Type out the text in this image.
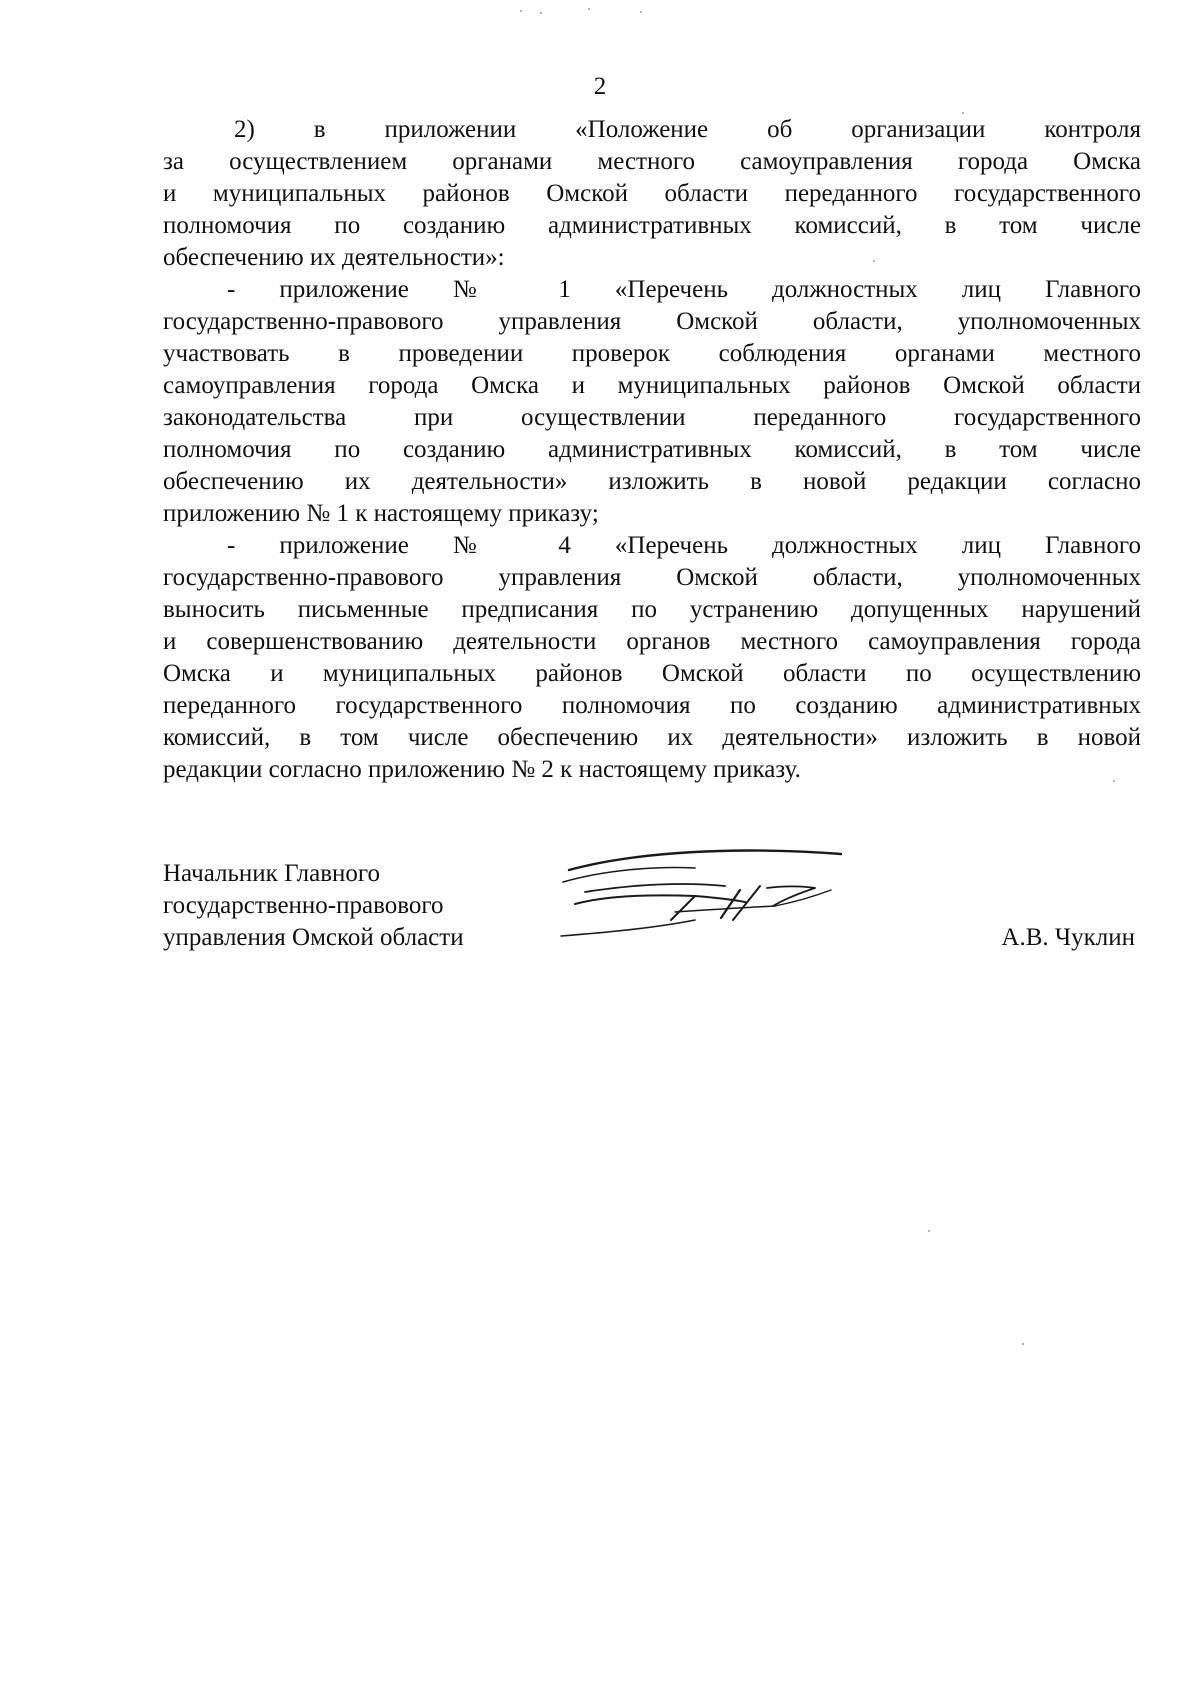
2
2) в приложении «Положение об организации контроля
за осуществлением органами местного самоуправления города Омска
и муниципальных районов Омской области переданного государственного
полномочия по созданию административных комиссий, в том числе
обеспечению их деятельности»:
- приложение № 1 «Перечень должностных лиц Главного
государственно-правового управления Омской области, уполномоченных
участвовать в проведении проверок соблюдения органами местного
самоуправления города Омска и муниципальных районов Омской области
законодательства при осуществлении переданного государственного
полномочия по созданию административных комиссий, в том числе
обеспечению их деятельности» изложить в новой редакции согласно
приложению № 1 к настоящему приказу;
- приложение № 4 «Перечень должностных лиц Главного
государственно-правового управления Омской области, уполномоченных
выносить письменные предписания по устранению допущенных нарушений
и совершенствованию деятельности органов местного самоуправления города
Омска и муниципальных районов Омской области по осуществлению
переданного государственного полномочия по созданию административных
комиссий, в том числе обеспечению их деятельности» изложить в новой
редакции согласно приложению № 2 к настоящему приказу.
Начальник Главного
государственно-правового
управления Омской области	А.В. Чуклин
